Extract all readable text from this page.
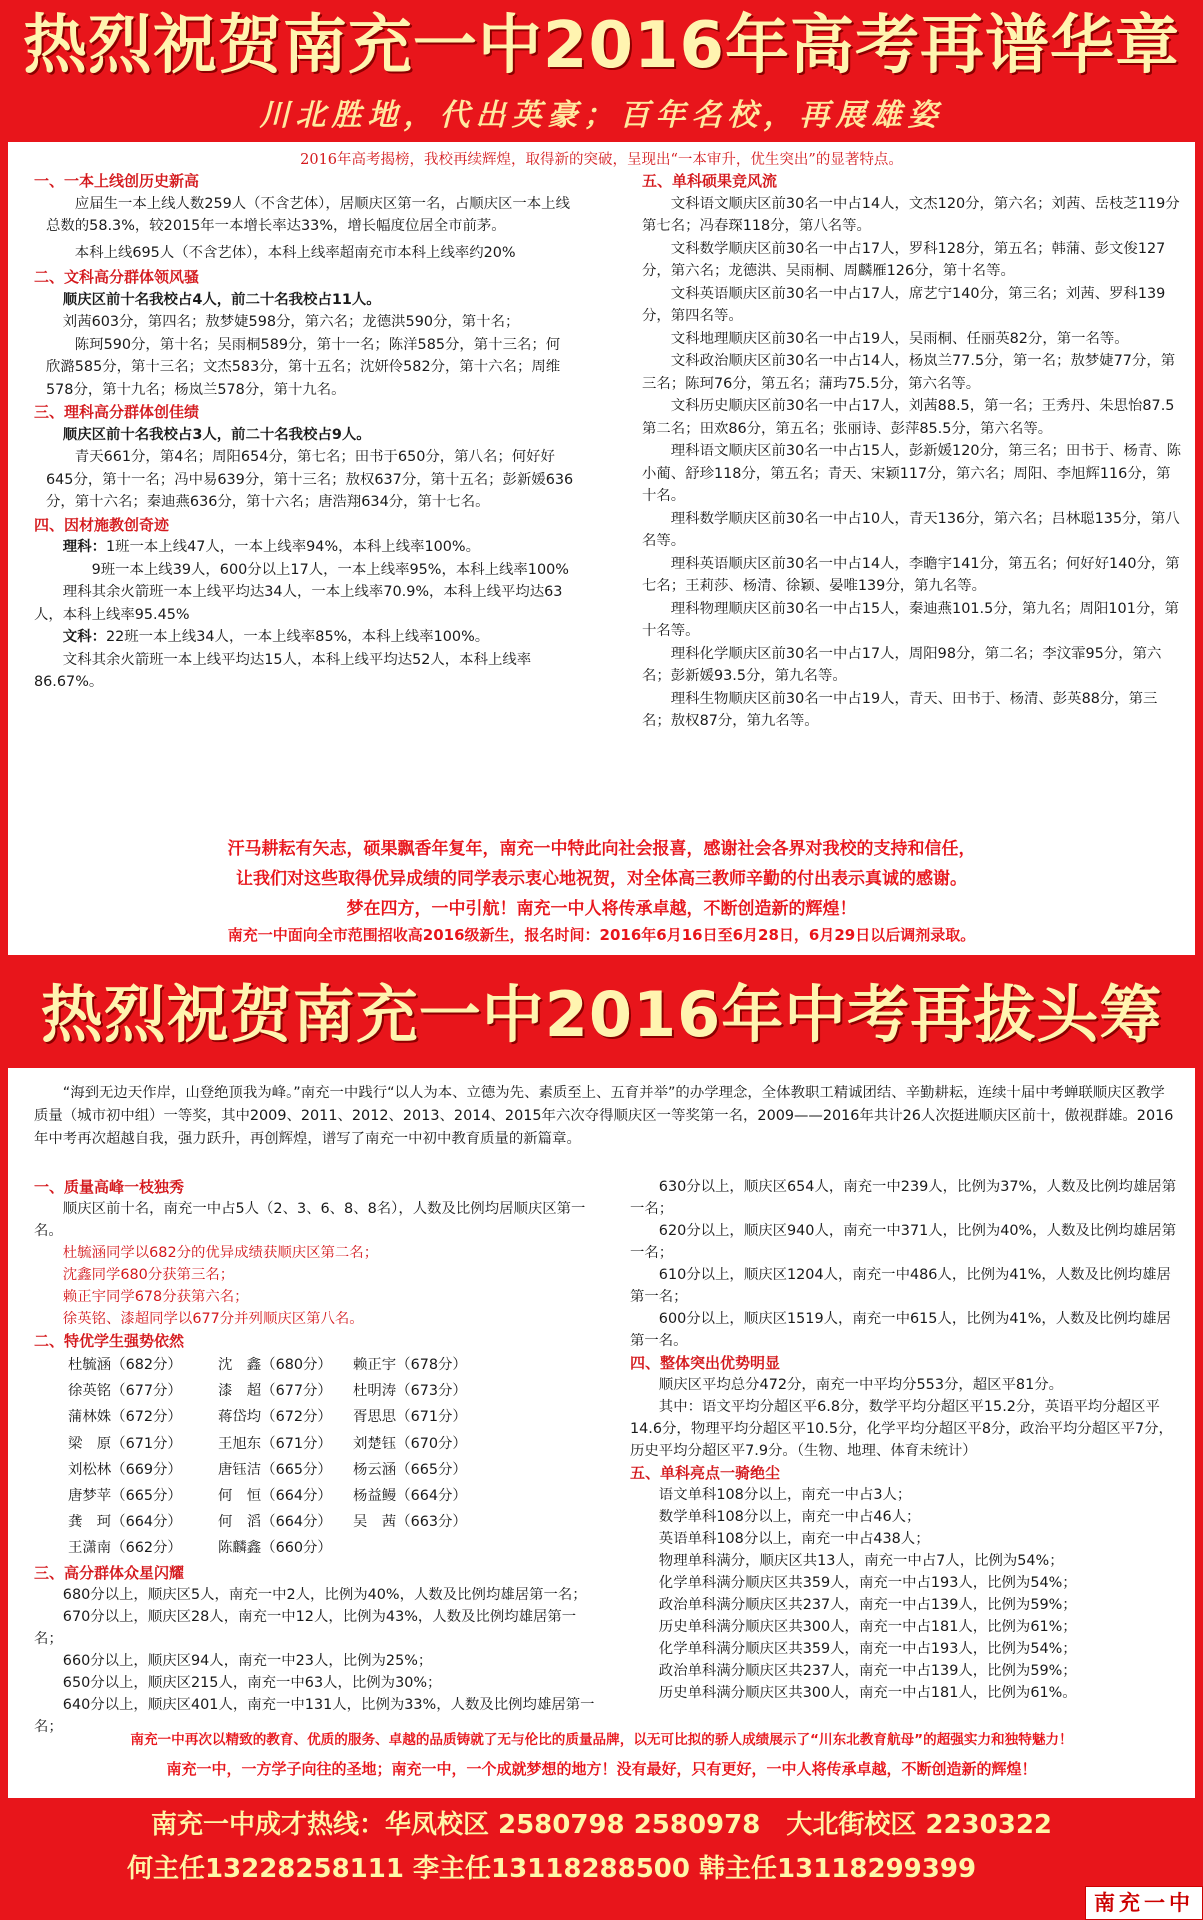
热烈祝贺南充一中2016年高考再谱华章
川北胜地，代出英豪；百年名校，再展雄姿
2016年高考揭榜，我校再续辉煌，取得新的突破，呈现出“一本审升，优生突出”的显著特点。
一、一本上线创历史新高
应届生一本上线人数259人（不含艺体），居顺庆区第一名，占顺庆区一本上线总数的58.3%，较2015年一本增长率达33%，增长幅度位居全市前茅。
本科上线695人（不含艺体），本科上线率超南充市本科上线率约20%
二、文科高分群体领风骚
顺庆区前十名我校占4人，前二十名我校占11人。
刘茜603分，第四名；敖梦婕598分，第六名；龙德洪590分，第十名；
陈珂590分，第十名；吴雨桐589分，第十一名；陈洋585分，第十三名；何欣潞585分，第十三名；文杰583分，第十五名；沈妍伶582分，第十六名；周维578分，第十九名；杨岚兰578分，第十九名。
三、理科高分群体创佳绩
顺庆区前十名我校占3人，前二十名我校占9人。
青天661分，第4名；周阳654分，第七名；田书于650分，第八名；何好好645分，第十一名；冯中易639分，第十三名；敖权637分，第十五名；彭新媛636分，第十六名；秦迪燕636分，第十六名；唐浩翔634分，第十七名。
四、因材施教创奇迹
理科：1班一本上线47人，一本上线率94%，本科上线率100%。
9班一本上线39人，600分以上17人，一本上线率95%，本科上线率100%
理科其余火箭班一本上线平均达34人，一本上线率70.9%，本科上线平均达63人，本科上线率95.45%
文科：22班一本上线34人，一本上线率85%，本科上线率100%。
文科其余火箭班一本上线平均达15人，本科上线平均达52人，本科上线率86.67%。
五、单科硕果竞风流
文科语文顺庆区前30名一中占14人，文杰120分，第六名；刘茜、岳枝芝119分第七名；冯春琛118分，第八名等。
文科数学顺庆区前30名一中占17人，罗科128分，第五名；韩蒲、彭文俊127分，第六名；龙德洪、吴雨桐、周麟雁126分，第十名等。
文科英语顺庆区前30名一中占17人，席艺宁140分，第三名；刘茜、罗科139分，第四名等。
文科地理顺庆区前30名一中占19人，吴雨桐、任丽英82分，第一名等。
文科政治顺庆区前30名一中占14人，杨岚兰77.5分，第一名；敖梦婕77分，第三名；陈珂76分，第五名；蒲玙75.5分，第六名等。
文科历史顺庆区前30名一中占17人，刘茜88.5，第一名；王秀丹、朱思怡87.5第二名；田欢86分，第五名；张丽诗、彭萍85.5分，第六名等。
理科语文顺庆区前30名一中占15人，彭新媛120分，第三名；田书于、杨青、陈小蔺、舒珍118分，第五名；青天、宋颖117分，第六名；周阳、李旭辉116分，第十名。
理科数学顺庆区前30名一中占10人，青天136分，第六名；吕林聪135分，第八名等。
理科英语顺庆区前30名一中占14人，李瞻宇141分，第五名；何好好140分，第七名；王莉莎、杨清、徐颖、晏唯139分，第九名等。
理科物理顺庆区前30名一中占15人，秦迪燕101.5分，第九名；周阳101分，第十名等。
理科化学顺庆区前30名一中占17人，周阳98分，第二名；李汶霏95分，第六名；彭新媛93.5分，第九名等。
理科生物顺庆区前30名一中占19人，青天、田书于、杨清、彭英88分，第三名；敖权87分，第九名等。
汗马耕耘有矢志，硕果飘香年复年，南充一中特此向社会报喜，感谢社会各界对我校的支持和信任，
让我们对这些取得优异成绩的同学表示衷心地祝贺，对全体高三教师辛勤的付出表示真诚的感谢。
梦在四方，一中引航！南充一中人将传承卓越，不断创造新的辉煌！
南充一中面向全市范围招收高2016级新生，报名时间：2016年6月16日至6月28日，6月29日以后调剂录取。
热烈祝贺南充一中2016年中考再拔头筹
“海到无边天作岸，山登绝顶我为峰。”南充一中践行“以人为本、立德为先、素质至上、五育并举”的办学理念，全体教职工精诚团结、辛勤耕耘，连续十届中考蝉联顺庆区教学质量（城市初中组）一等奖，其中2009、2011、2012、2013、2014、2015年六次夺得顺庆区一等奖第一名，2009——2016年共计26人次挺进顺庆区前十，傲视群雄。2016年中考再次超越自我，强力跃升，再创辉煌，谱写了南充一中初中教育质量的新篇章。
一、质量高峰一枝独秀
顺庆区前十名，南充一中占5人（2、3、6、8、8名），人数及比例均居顺庆区第一名。
杜毓涵同学以682分的优异成绩获顺庆区第二名；
沈鑫同学680分获第三名；
赖正宇同学678分获第六名；
徐英铭、漆超同学以677分并列顺庆区第八名。
二、特优学生强势依然
杜毓涵（682分）	沈　鑫（680分）	赖正宇（678分）
徐英铭（677分）	漆　超（677分）	杜明涛（673分）
蒲林姝（672分）	蒋岱均（672分）	胥思思（671分）
梁　原（671分）	王旭东（671分）	刘楚钰（670分）
刘松林（669分）	唐钰洁（665分）	杨云涵（665分）
唐梦苹（665分）	何　恒（664分）	杨益鳗（664分）
龚　珂（664分）	何　滔（664分）	吴　茜（663分）
王潇南（662分）	陈麟鑫（660分）
三、高分群体众星闪耀
680分以上，顺庆区5人，南充一中2人，比例为40%，人数及比例均雄居第一名；
670分以上，顺庆区28人，南充一中12人，比例为43%，人数及比例均雄居第一名；
660分以上，顺庆区94人，南充一中23人，比例为25%；
650分以上，顺庆区215人，南充一中63人，比例为30%；
640分以上，顺庆区401人，南充一中131人，比例为33%，人数及比例均雄居第一名；
630分以上，顺庆区654人，南充一中239人，比例为37%，人数及比例均雄居第一名；
620分以上，顺庆区940人，南充一中371人，比例为40%，人数及比例均雄居第一名；
610分以上，顺庆区1204人，南充一中486人，比例为41%，人数及比例均雄居第一名；
600分以上，顺庆区1519人，南充一中615人，比例为41%，人数及比例均雄居第一名。
四、整体突出优势明显
顺庆区平均总分472分，南充一中平均分553分，超区平81分。
其中：语文平均分超区平6.8分，数学平均分超区平15.2分，英语平均分超区平14.6分，物理平均分超区平10.5分，化学平均分超区平8分，政治平均分超区平7分，历史平均分超区平7.9分。（生物、地理、体育未统计）
五、单科亮点一骑绝尘
语文单科108分以上，南充一中占3人；
数学单科108分以上，南充一中占46人；
英语单科108分以上，南充一中占438人；
物理单科满分，顺庆区共13人，南充一中占7人，比例为54%；
化学单科满分顺庆区共359人，南充一中占193人，比例为54%；
政治单科满分顺庆区共237人，南充一中占139人，比例为59%；
历史单科满分顺庆区共300人，南充一中占181人，比例为61%；
化学单科满分顺庆区共359人，南充一中占193人，比例为54%；
政治单科满分顺庆区共237人，南充一中占139人，比例为59%；
历史单科满分顺庆区共300人，南充一中占181人，比例为61%。
南充一中再次以精致的教育、优质的服务、卓越的品质铸就了无与伦比的质量品牌，以无可比拟的骄人成绩展示了“川东北教育航母”的超强实力和独特魅力！
南充一中，一方学子向往的圣地；南充一中，一个成就梦想的地方！没有最好，只有更好，一中人将传承卓越，不断创造新的辉煌！
南充一中成才热线：华凤校区 2580798 2580978　大北街校区 2230322
何主任13228258111 李主任13118288500 韩主任13118299399
南充一中
